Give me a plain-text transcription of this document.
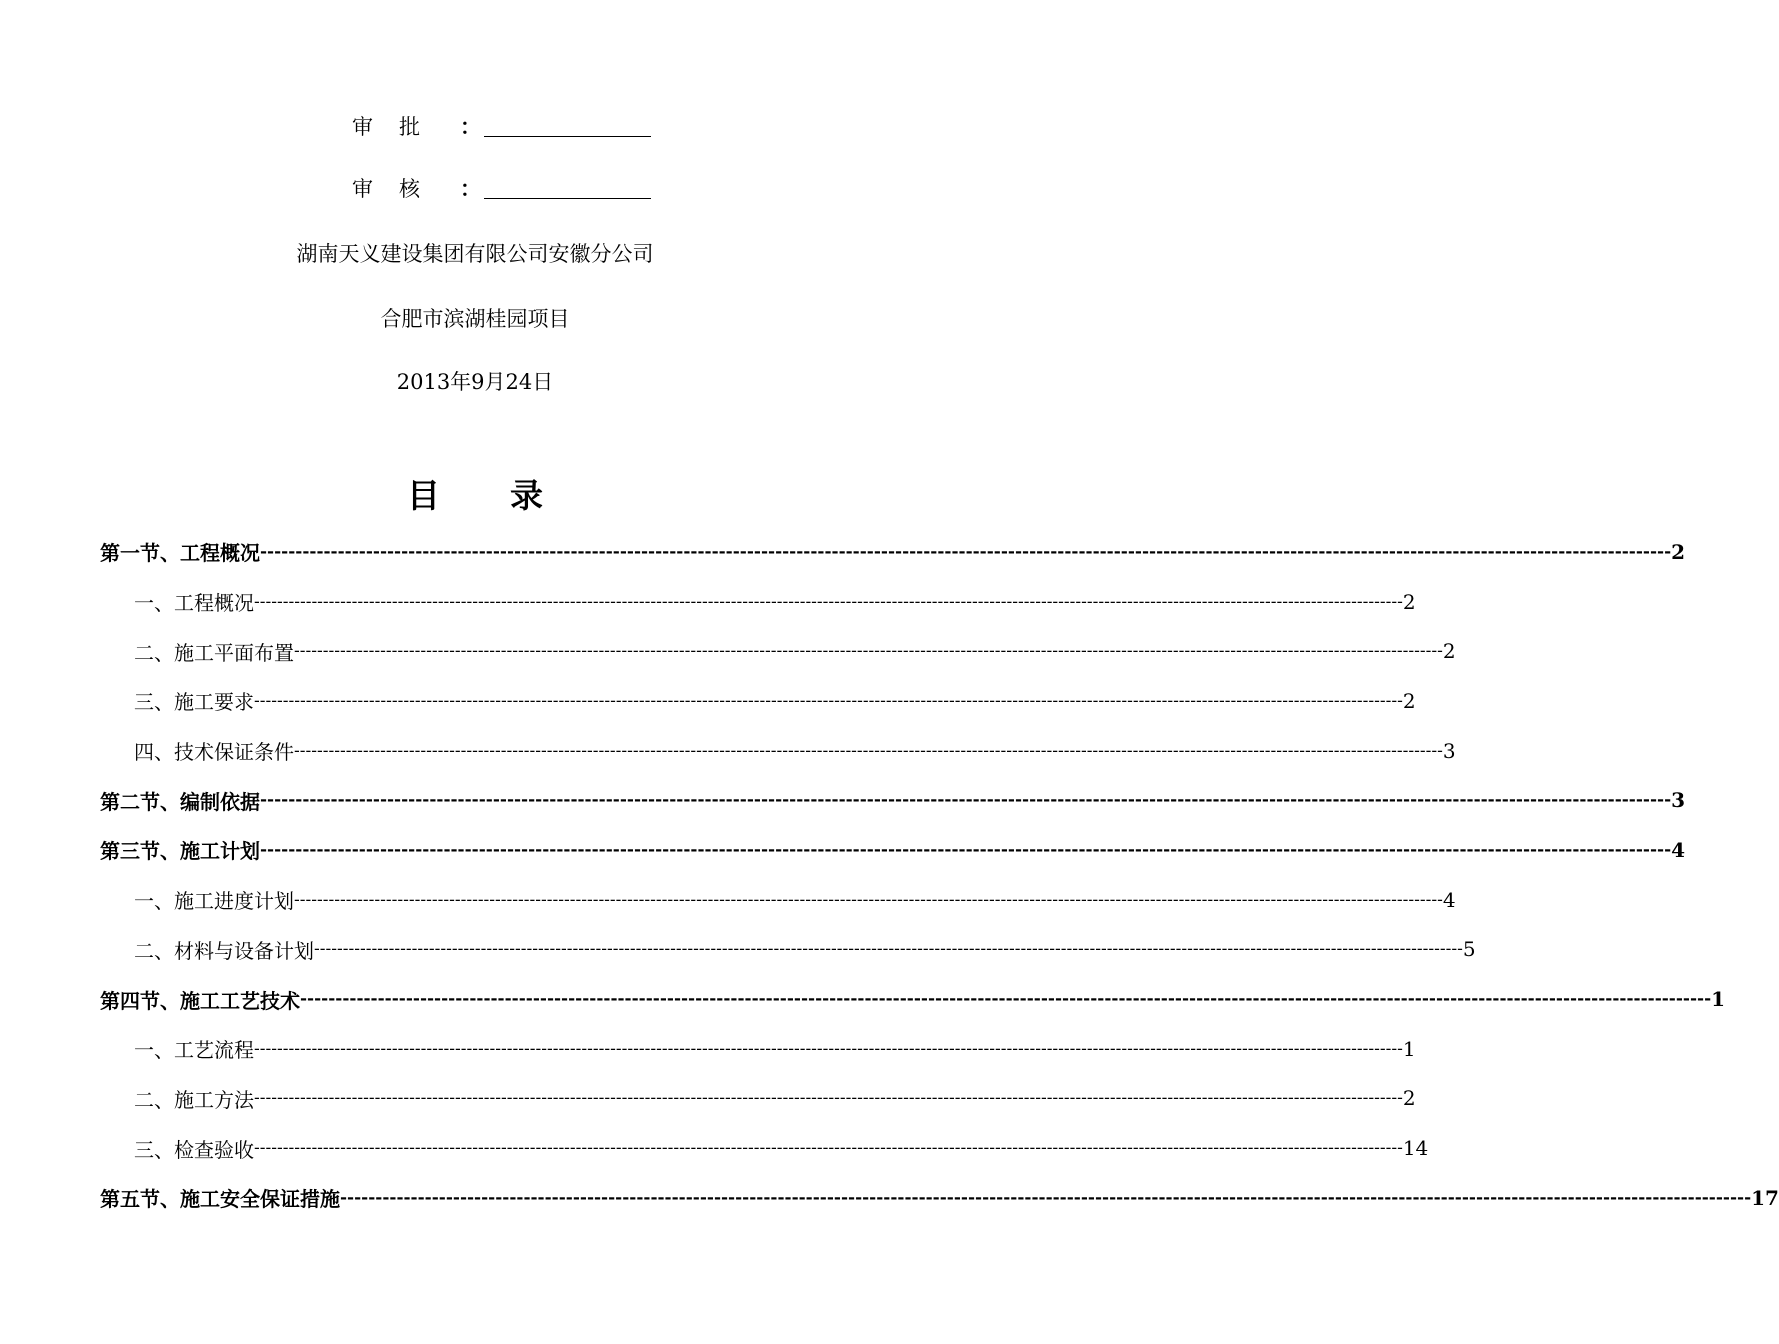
审批 ：
审核 ：
湖南天义建设集团有限公司安徽分公司
合肥市滨湖桂园项目
2013年9月24日
目 录
第一节、工程概况 -------------------------------------------------------------------------------------------------------------------------------------------------------------------------------------------------------- 2
一、工程概况 -------------------------------------------------------------------------------------------------------------------------------------------------------------------------------------------------------- 2
二、施工平面布置 -------------------------------------------------------------------------------------------------------------------------------------------------------------------------------------------------------- 2
三、施工要求 -------------------------------------------------------------------------------------------------------------------------------------------------------------------------------------------------------- 2
四、技术保证条件 -------------------------------------------------------------------------------------------------------------------------------------------------------------------------------------------------------- 3
第二节、编制依据 -------------------------------------------------------------------------------------------------------------------------------------------------------------------------------------------------------- 3
第三节、施工计划 -------------------------------------------------------------------------------------------------------------------------------------------------------------------------------------------------------- 4
一、施工进度计划 -------------------------------------------------------------------------------------------------------------------------------------------------------------------------------------------------------- 4
二、材料与设备计划 -------------------------------------------------------------------------------------------------------------------------------------------------------------------------------------------------------- 5
第四节、施工工艺技术 -------------------------------------------------------------------------------------------------------------------------------------------------------------------------------------------------------- 1
一、工艺流程 -------------------------------------------------------------------------------------------------------------------------------------------------------------------------------------------------------- 1
二、施工方法 -------------------------------------------------------------------------------------------------------------------------------------------------------------------------------------------------------- 2
三、检查验收 -------------------------------------------------------------------------------------------------------------------------------------------------------------------------------------------------------- 14
第五节、施工安全保证措施 -------------------------------------------------------------------------------------------------------------------------------------------------------------------------------------------------------- 17
